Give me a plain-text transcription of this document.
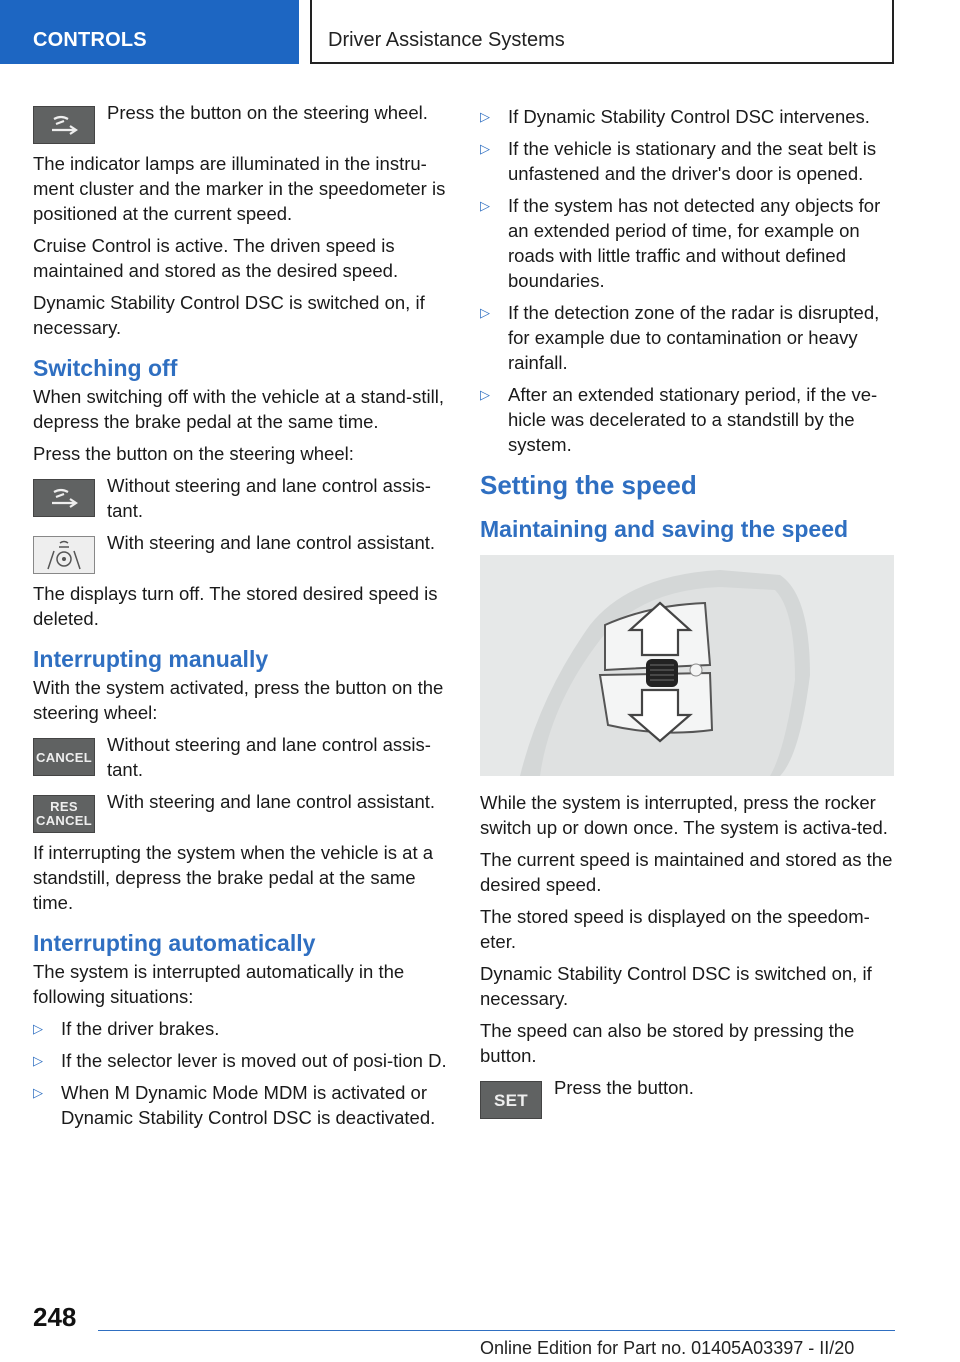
CONTROLS	Driver Assistance Systems
Press the button on the steering wheel.

The indicator lamps are illuminated in the instru-ment cluster and the marker in the speedometer is positioned at the current speed.

Cruise Control is active. The driven speed is maintained and stored as the desired speed.

Dynamic Stability Control DSC is switched on, if necessary.

Switching off

When switching off with the vehicle at a stand-still, depress the brake pedal at the same time.

Press the button on the steering wheel:

Without steering and lane control assis-tant.
With steering and lane control assistant.

The displays turn off. The stored desired speed is deleted.

Interrupting manually

With the system activated, press the button on the steering wheel:

CANCEL
Without steering and lane control assis-tant.
RES
CANCEL
With steering and lane control assistant.

If interrupting the system when the vehicle is at a standstill, depress the brake pedal at the same time.

Interrupting automatically

The system is interrupted automatically in the following situations:

▷ If the driver brakes.
▷ If the selector lever is moved out of posi-tion D.
▷ When M Dynamic Mode MDM is activated or Dynamic Stability Control DSC is deactivated.
▷ If Dynamic Stability Control DSC intervenes.
▷ If the vehicle is stationary and the seat belt is unfastened and the driver's door is opened.
▷ If the system has not detected any objects for an extended period of time, for example on roads with little traffic and without defined boundaries.
▷ If the detection zone of the radar is disrupted, for example due to contamination or heavy rainfall.
▷ After an extended stationary period, if the ve-hicle was decelerated to a standstill by the system.
Setting the speed
Maintaining and saving the speed

While the system is interrupted, press the rocker switch up or down once. The system is activa-ted.

The current speed is maintained and stored as the desired speed.

The stored speed is displayed on the speedom-eter.

Dynamic Stability Control DSC is switched on, if necessary.

The speed can also be stored by pressing the button.

SET
Press the button.
248
Online Edition for Part no. 01405A03397 - II/20
